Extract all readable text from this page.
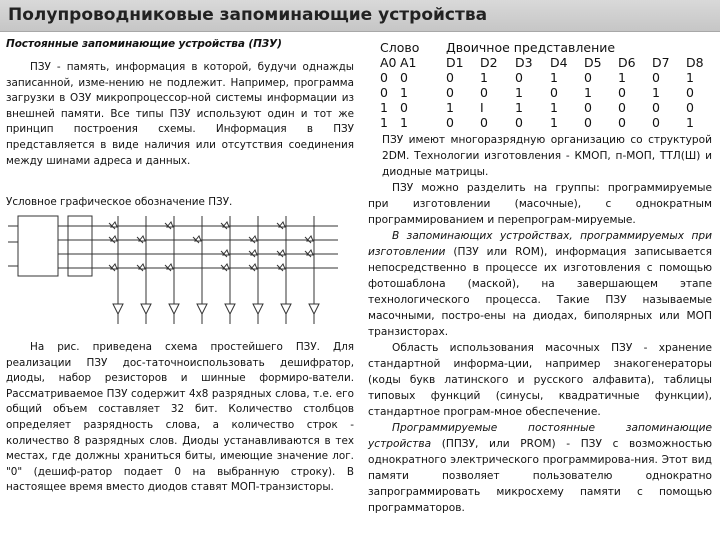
Полупроводниковые запоминающие устройства
Постоянные запоминающие устройства (ПЗУ)
ПЗУ - память, информация в которой, будучи однажды записанной, изме-нению не подлежит. Например, программа загрузки в ОЗУ микропроцессор-ной системы информации из внешней памяти. Все типы ПЗУ используют один и тот же принцип построения схемы. Информация в ПЗУ представляется в виде наличия или отсутствия соединения между шинами адреса и данных.
Условное графическое обозначение ПЗУ.
На рис. приведена схема простейшего ПЗУ. Для реализации ПЗУ дос-таточноиспользовать дешифратор, диоды, набор резисторов и шинные формиро-ватели. Рассматриваемое ПЗУ содержит 4х8 разрядных слова, т.е. его общий объем составляет 32 бит. Количество столбцов определяет разрядность слова, а количество строк - количество 8 разрядных слов. Диоды устанавливаются в тех местах, где должны храниться биты, имеющие значение лог. "0" (дешиф-ратор подает 0 на выбранную строку). В настоящее время вместо диодов ставят МОП-транзисторы.
Слово Двоичное представление
A0 A1 D1 D2 D3 D4 D5 D6 D7 D8
0 0	0 1 0 1 0 1 0 1
0 1	0 0 1 0 1 0 1 0
1 0	1 I	1 1 0 0 0 0
1 1	0 0 0 1 0 0 0 1

ПЗУ имеют многоразрядную организацию со структурой 2DM. Технологии изготовления - КМОП, п-МОП, ТТЛ(Ш) и диодные матрицы.

ПЗУ можно разделить на группы: программируемые при изготовлении (масочные), с однократным программированием и перепрограм-мируемые.

В запоминающих устройствах, программируемых при изготовлении (ПЗУ или ROM), информация записывается непосредственно в процессе их изготовления с помощью фотошаблона (маской), на завершающем этапе технологического процесса. Такие ПЗУ называемые масочными, постро-ены на диодах, биполярных или МОП транзисторах.

Область использования масочных ПЗУ - хранение стандартной информа-ции, например знакогенераторы (коды букв латинского и русского алфавита), таблицы типовых функций (синусы, квадратичные функции), стандартное програм-мное обеспечение.

Программируемые постоянные запоминающие устройства (ППЗУ, или PROM) - ПЗУ с возможностью однократного электрического программирова-ния. Этот вид памяти позволяет пользователю однократно запрограммировать микросхему памяти с помощью программаторов.
